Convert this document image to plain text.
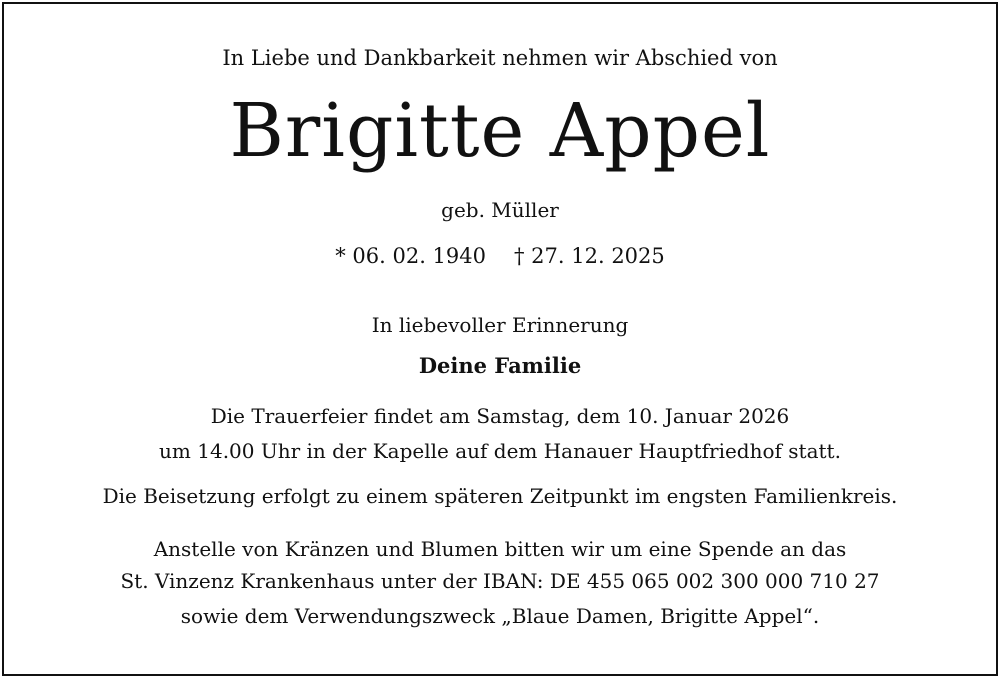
In Liebe und Dankbarkeit nehmen wir Abschied von
Brigitte Appel
geb. Müller
* 06. 02. 1940 † 27. 12. 2025
In liebevoller Erinnerung
Deine Familie
Die Trauerfeier findet am Samstag, dem 10. Januar 2026
um 14.00 Uhr in der Kapelle auf dem Hanauer Hauptfriedhof statt.
Die Beisetzung erfolgt zu einem späteren Zeitpunkt im engsten Familienkreis.
Anstelle von Kränzen und Blumen bitten wir um eine Spende an das
St. Vinzenz Krankenhaus unter der IBAN: DE 455 065 002 300 000 710 27
sowie dem Verwendungszweck „Blaue Damen, Brigitte Appel“.
